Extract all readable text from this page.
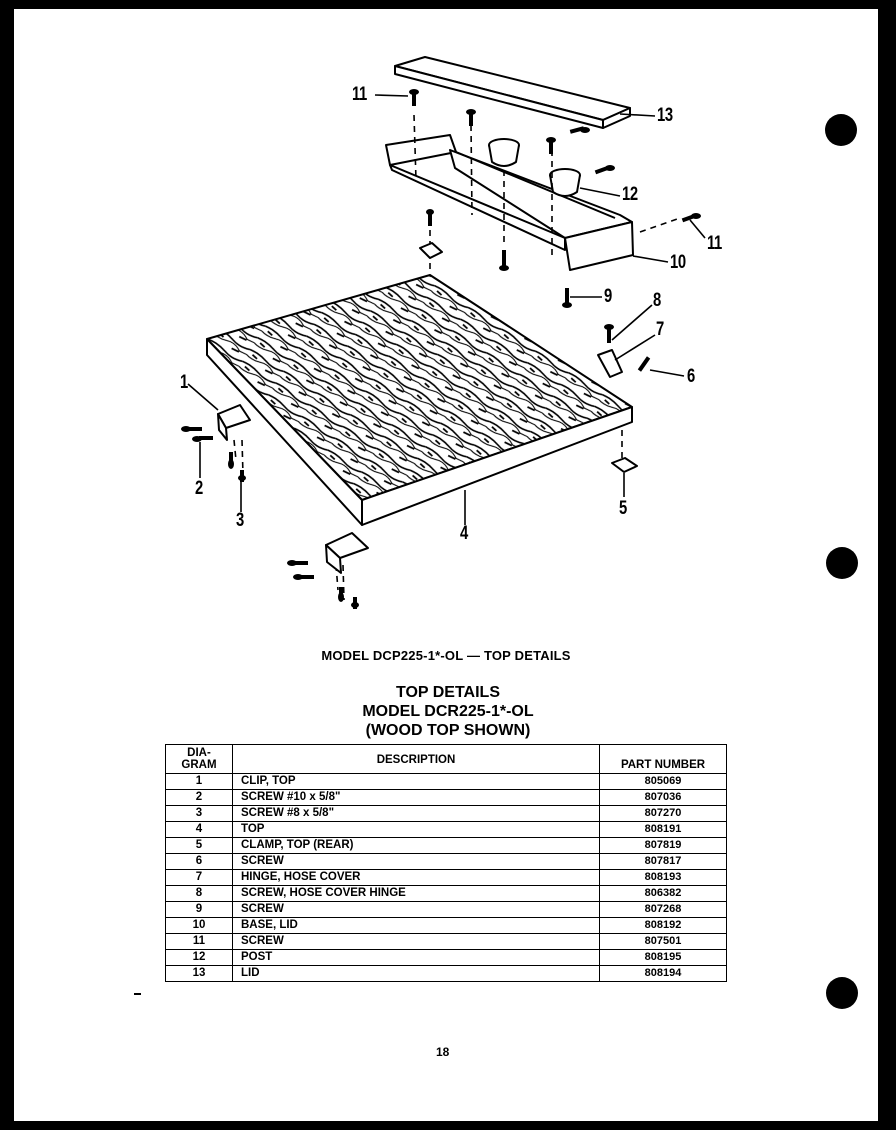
11
13
12
11
10
9 8
7
6
1
2
3
4
5
MODEL DCP225-1*-OL — TOP DETAILS
TOP DETAILS
MODEL DCR225-1*-OL
(WOOD TOP SHOWN)
DIA-
GRAM	DESCRIPTION	PART NUMBER
1	CLIP, TOP	805069
2	SCREW #10 x 5/8"	807036
3	SCREW #8 x 5/8"	807270
4	TOP	808191
5	CLAMP, TOP (REAR)	807819
6	SCREW	807817
7	HINGE, HOSE COVER	808193
8	SCREW, HOSE COVER HINGE	806382
9	SCREW	807268
10	BASE, LID	808192
11	SCREW	807501
12	POST	808195
13	LID	808194
18
